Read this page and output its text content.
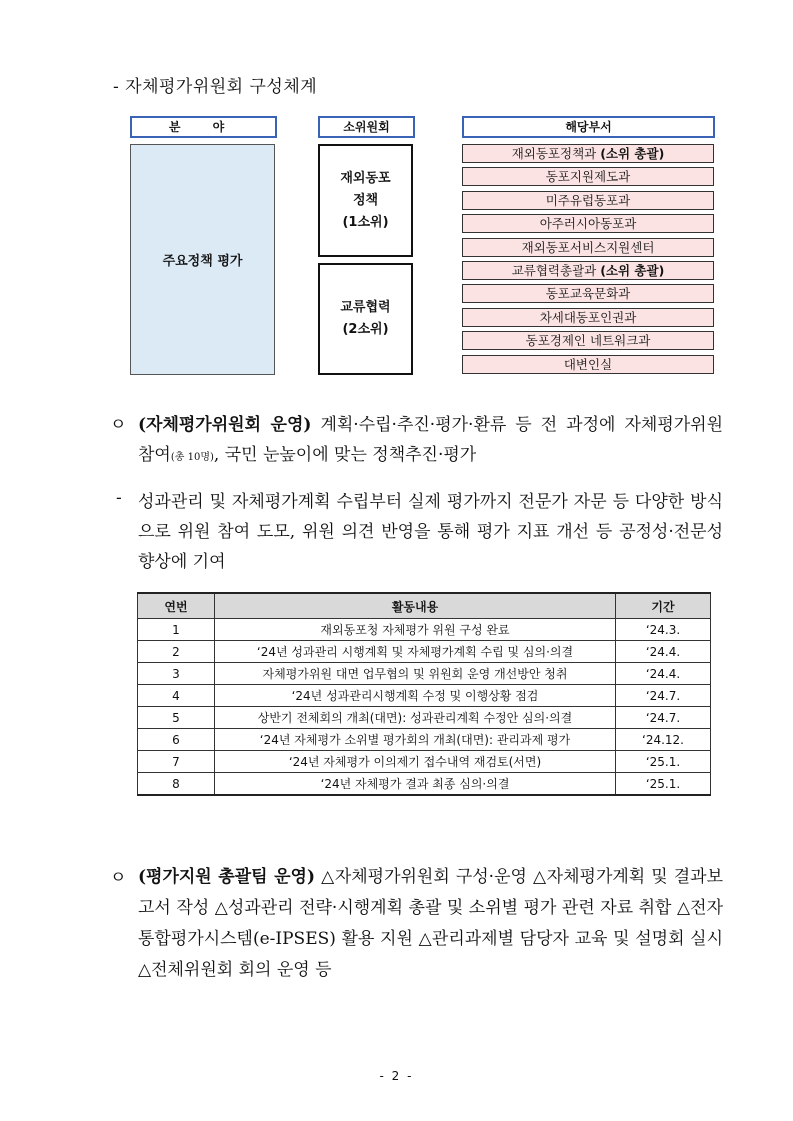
- 자체평가위원회 구성체계
분 야	소위원회	해당부서
주요정책 평가
재외동포
정책
(1소위)
교류협력
(2소위)
재외동포정책과 (소위 총괄)
동포지원제도과
미주유럽동포과
아주러시아동포과
재외동포서비스지원센터
교류협력총괄과 (소위 총괄)
동포교육문화과
차세대동포인권과
동포경제인 네트워크과
대변인실
ㅇ (자체평가위원회 운영) 계획·수립·추진·평가·환류 등 전 과정에 자체평가위원 참여(총 10명), 국민 눈높이에 맞는 정책추진·평가
- 성과관리 및 자체평가계획 수립부터 실제 평가까지 전문가 자문 등 다양한 방식으로 위원 참여 도모, 위원 의견 반영을 통해 평가 지표 개선 등 공정성·전문성 향상에 기여
연번	활동내용	기간
1	재외동포청 자체평가 위원 구성 완료	‘24.3.
2	‘24년 성과관리 시행계획 및 자체평가계획 수립 및 심의·의결	‘24.4.
3	자체평가위원 대면 업무협의 및 위원회 운영 개선방안 청취	‘24.4.
4	‘24년 성과관리시행계획 수정 및 이행상황 점검	‘24.7.
5	상반기 전체회의 개최(대면): 성과관리계획 수정안 심의·의결	‘24.7.
6	‘24년 자체평가 소위별 평가회의 개최(대면): 관리과제 평가	‘24.12.
7	‘24년 자체평가 이의제기 접수내역 재검토(서면)	‘25.1.
8	‘24년 자체평가 결과 최종 심의·의결	‘25.1.
ㅇ (평가지원 총괄팀 운영) △자체평가위원회 구성·운영 △자체평가계획 및 결과보고서 작성 △성과관리 전략·시행계획 총괄 및 소위별 평가 관련 자료 취합 △전자통합평가시스템(e-IPSES) 활용 지원 △관리과제별 담당자 교육 및 설명회 실시 △전체위원회 회의 운영 등
- 2 -
